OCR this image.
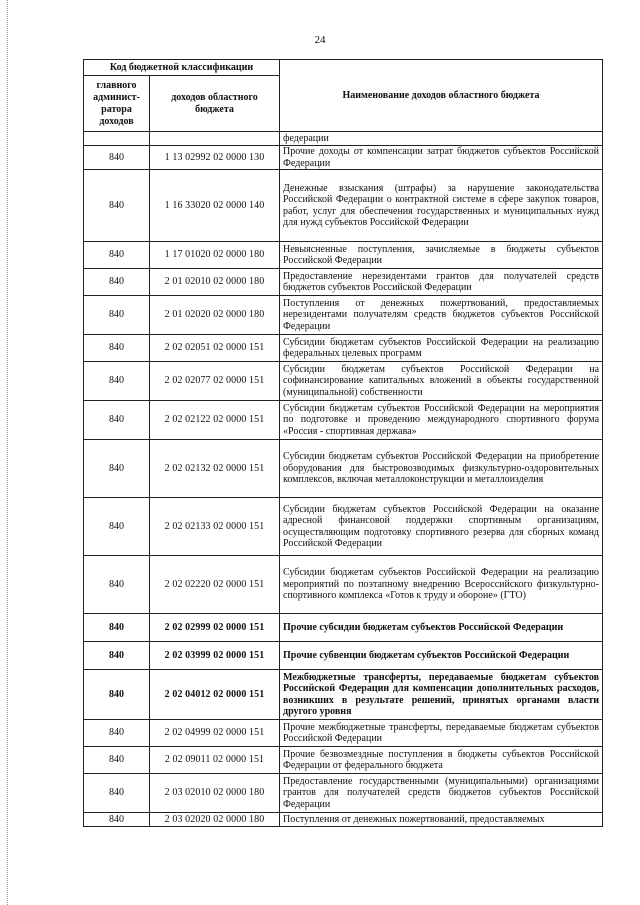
24
Код бюджетной классификации		Наименование доходов областного бюджета
главного админист-ратора доходов	доходов областного бюджета	
		федерации
840	1 13 02992 02 0000 130	Прочие доходы от компенсации затрат бюджетов субъектов Российской Федерации
840	1 16 33020 02 0000 140	Денежные взыскания (штрафы) за нарушение законодательства Российской Федерации о контрактной системе в сфере закупок товаров, работ, услуг для обеспечения государственных и муниципальных нужд для нужд субъектов Российской Федерации
840	1 17 01020 02 0000 180	Невыясненные поступления, зачисляемые в бюджеты субъектов Российской Федерации
840	2 01 02010 02 0000 180	Предоставление нерезидентами грантов для получателей средств бюджетов субъектов Российской Федерации
840	2 01 02020 02 0000 180	Поступления от денежных пожертвований, предоставляемых нерезидентами получателям средств бюджетов субъектов Российской Федерации
840	2 02 02051 02 0000 151	Субсидии бюджетам субъектов Российской Федерации на реализацию федеральных целевых программ
840	2 02 02077 02 0000 151	Субсидии бюджетам субъектов Российской Федерации на софинансирование капитальных вложений в объекты государственной (муниципальной) собственности
840	2 02 02122 02 0000 151	Субсидии бюджетам субъектов Российской Федерации на мероприятия по подготовке и проведению международного спортивного форума «Россия - спортивная держава»
840	2 02 02132 02 0000 151	Субсидии бюджетам субъектов Российской Федерации на приобретение оборудования для быстровозводимых физкультурно-оздоровительных комплексов, включая металлоконструкции и металлоизделия
840	2 02 02133 02 0000 151	Субсидии бюджетам субъектов Российской Федерации на оказание адресной финансовой поддержки спортивным организациям, осуществляющим подготовку спортивного резерва для сборных команд Российской Федерации
840	2 02 02220 02 0000 151	Субсидии бюджетам субъектов Российской Федерации на реализацию мероприятий по поэтапному внедрению Всероссийского физкультурно-спортивного комплекса «Готов к труду и обороне» (ГТО)
840	2 02 02999 02 0000 151	Прочие субсидии бюджетам субъектов Российской Федерации
840	2 02 03999 02 0000 151	Прочие субвенции бюджетам субъектов Российской Федерации
840	2 02 04012 02 0000 151	Межбюджетные трансферты, передаваемые бюджетам субъектов Российской Федерации для компенсации дополнительных расходов, возникших в результате решений, принятых органами власти другого уровня
840	2 02 04999 02 0000 151	Прочие межбюджетные трансферты, передаваемые бюджетам субъектов Российской Федерации
840	2 02 09011 02 0000 151	Прочие безвозмездные поступления в бюджеты субъектов Российской Федерации от федерального бюджета
840	2 03 02010 02 0000 180	Предоставление государственными (муниципальными) организациями грантов для получателей средств бюджетов субъектов Российской Федерации
840	2 03 02020 02 0000 180	Поступления от денежных пожертвований, предоставляемых
